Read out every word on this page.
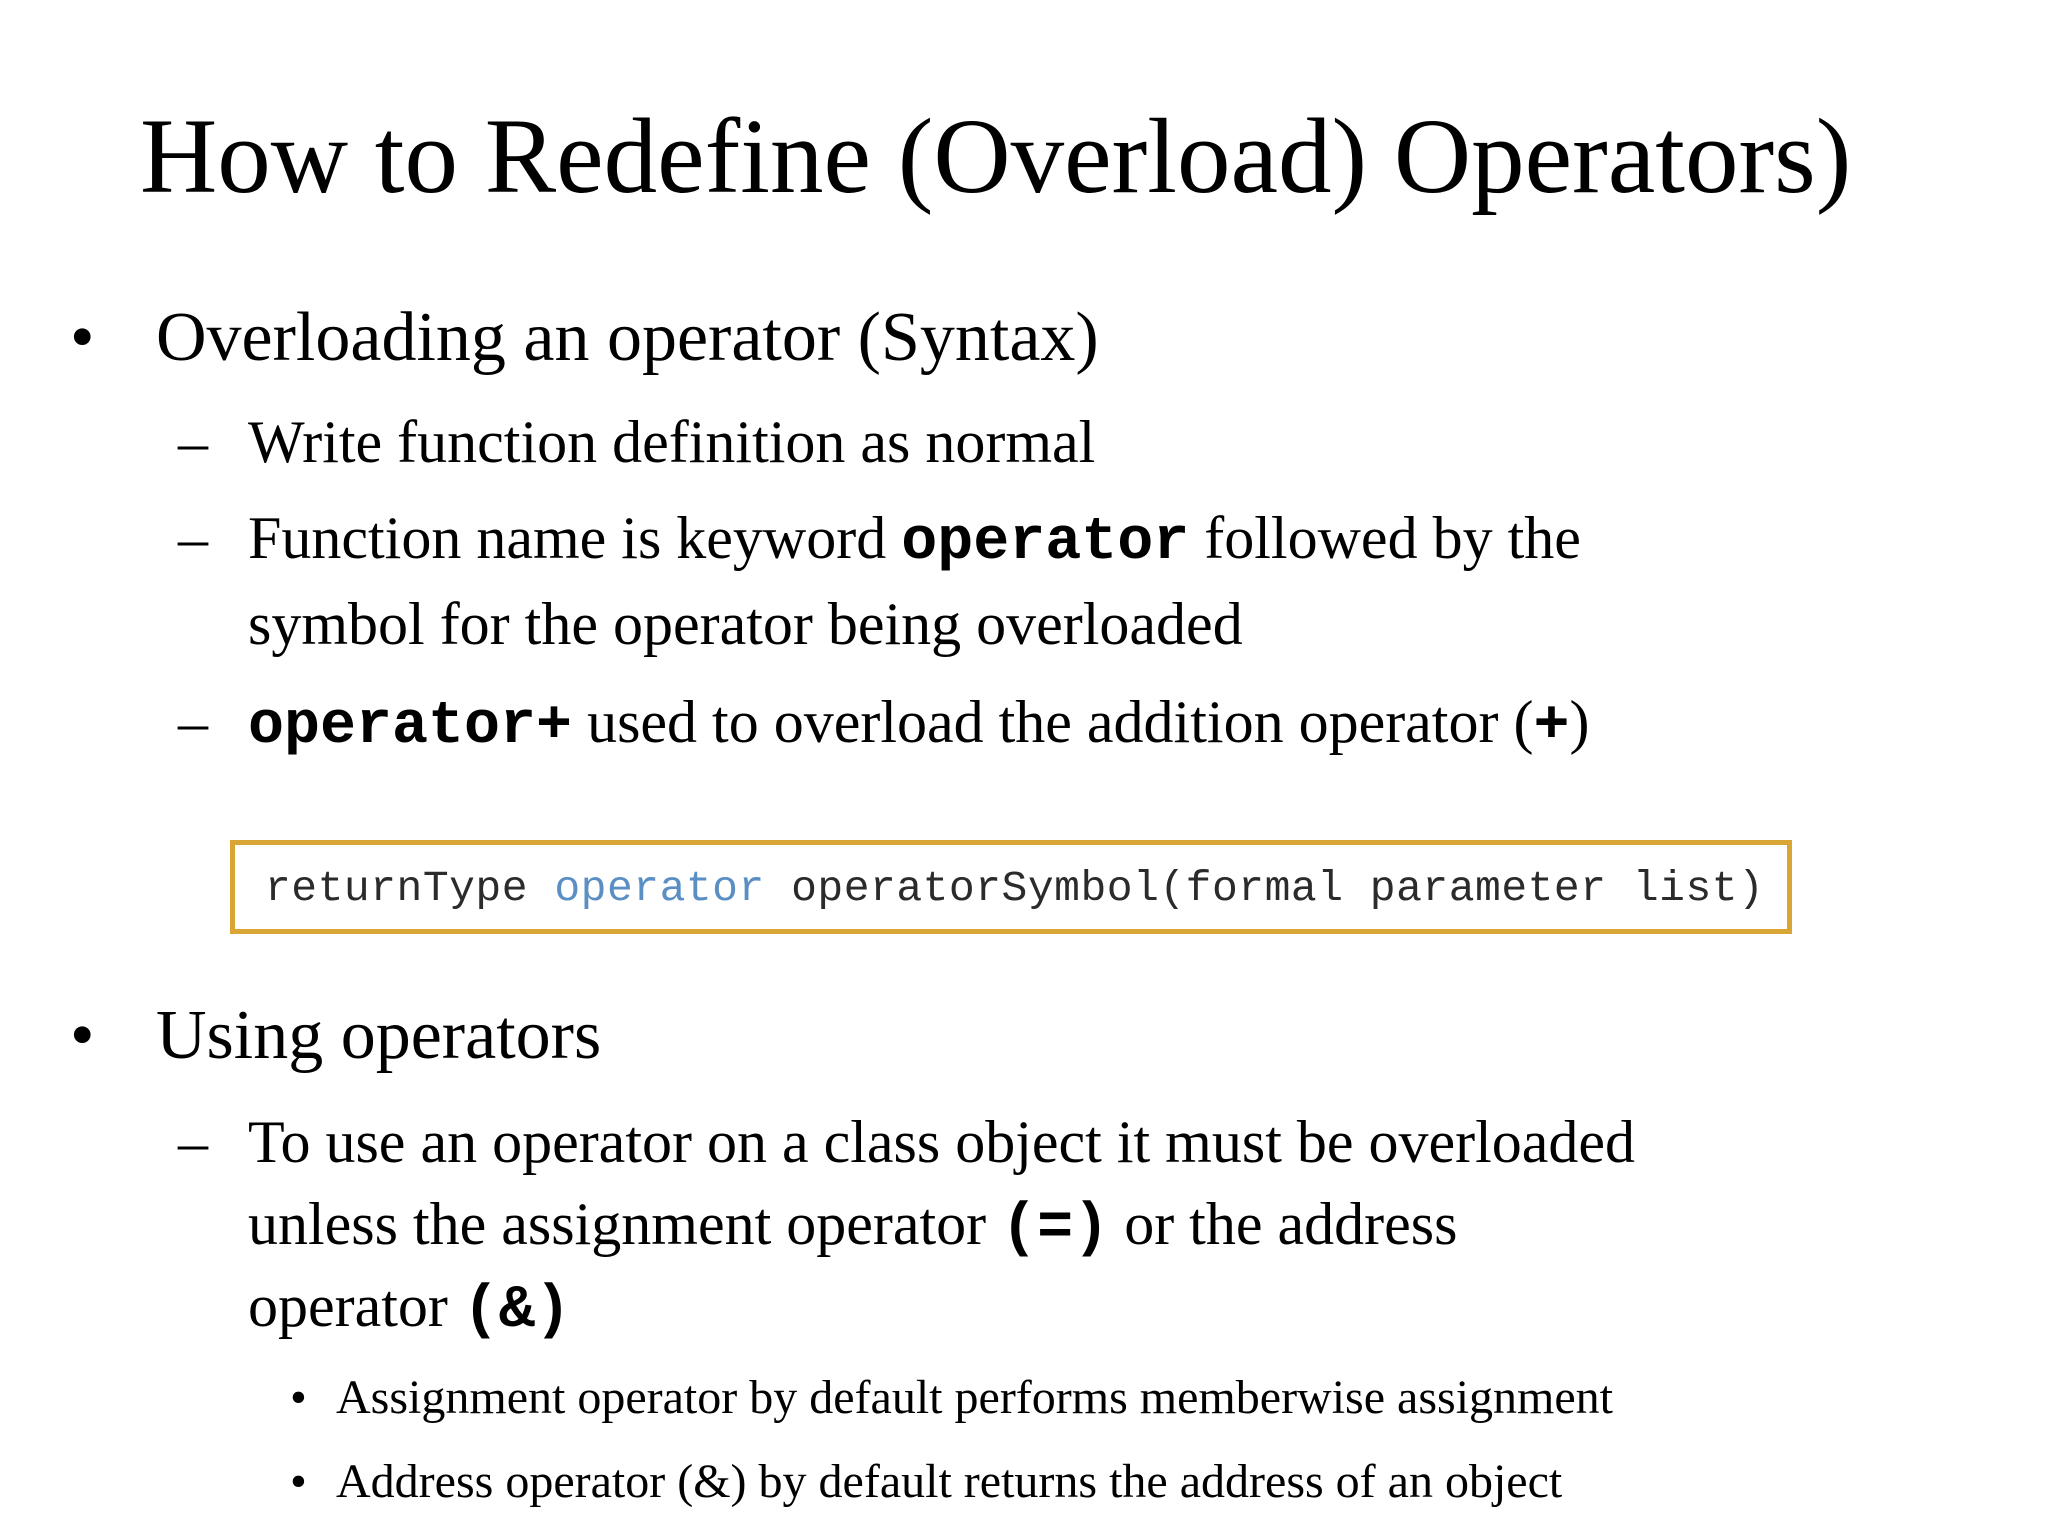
How to Redefine (Overload) Operators)
• Overloading an operator (Syntax)
– Write function definition as normal
– Function name is keyword operator followed by the
symbol for the operator being overloaded
– operator+ used to overload the addition operator (+)
returnType operator operatorSymbol(formal parameter list)
• Using operators
– To use an operator on a class object it must be overloaded
unless the assignment operator (=) or the address
operator (&)
• Assignment operator by default performs memberwise assignment
• Address operator (&) by default returns the address of an object
